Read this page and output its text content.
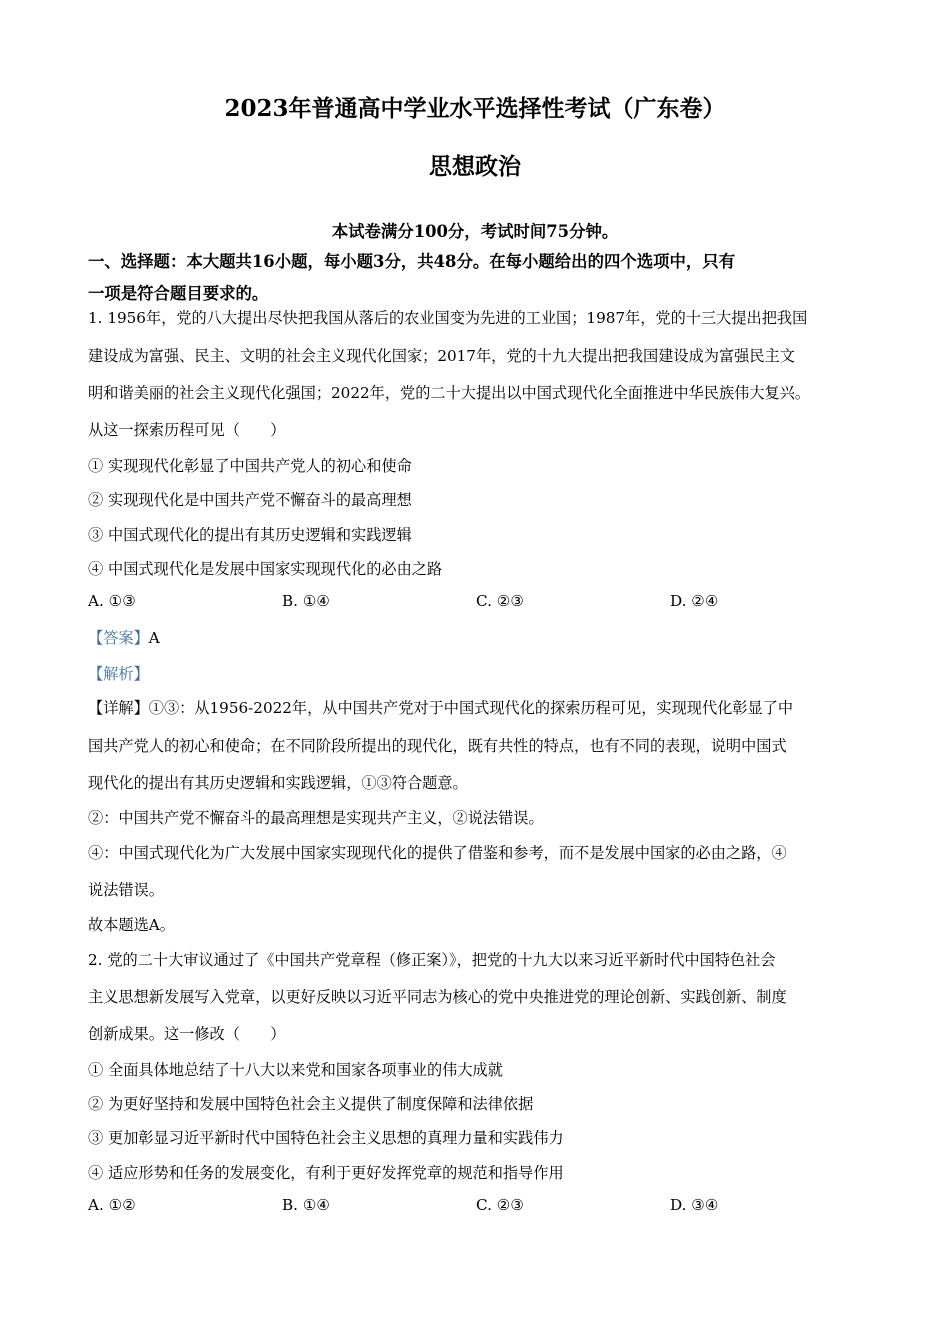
2023年普通高中学业水平选择性考试（广东卷）
思想政治
本试卷满分100分，考试时间75分钟。
一、选择题：本大题共16小题，每小题3分，共48分。在每小题给出的四个选项中，只有
一项是符合题目要求的。
1. 1956年，党的八大提出尽快把我国从落后的农业国变为先进的工业国；1987年，党的十三大提出把我国
建设成为富强、民主、文明的社会主义现代化国家；2017年，党的十九大提出把我国建设成为富强民主文
明和谐美丽的社会主义现代化强国；2022年，党的二十大提出以中国式现代化全面推进中华民族伟大复兴。
从这一探索历程可见（　　）
① 实现现代化彰显了中国共产党人的初心和使命
② 实现现代化是中国共产党不懈奋斗的最高理想
③ 中国式现代化的提出有其历史逻辑和实践逻辑
④ 中国式现代化是发展中国家实现现代化的必由之路
A. ①③	B. ①④	C. ②③	D. ②④
【答案】A
【解析】
【详解】①③：从1956-2022年，从中国共产党对于中国式现代化的探索历程可见，实现现代化彰显了中
国共产党人的初心和使命；在不同阶段所提出的现代化，既有共性的特点，也有不同的表现，说明中国式
现代化的提出有其历史逻辑和实践逻辑，①③符合题意。
②：中国共产党不懈奋斗的最高理想是实现共产主义，②说法错误。
④：中国式现代化为广大发展中国家实现现代化的提供了借鉴和参考，而不是发展中国家的必由之路，④
说法错误。
故本题选A。
2. 党的二十大审议通过了《中国共产党章程（修正案）》，把党的十九大以来习近平新时代中国特色社会
主义思想新发展写入党章，以更好反映以习近平同志为核心的党中央推进党的理论创新、实践创新、制度
创新成果。这一修改（　　）
① 全面具体地总结了十八大以来党和国家各项事业的伟大成就
② 为更好坚持和发展中国特色社会主义提供了制度保障和法律依据
③ 更加彰显习近平新时代中国特色社会主义思想的真理力量和实践伟力
④ 适应形势和任务的发展变化，有利于更好发挥党章的规范和指导作用
A. ①②	B. ①④	C. ②③	D. ③④
